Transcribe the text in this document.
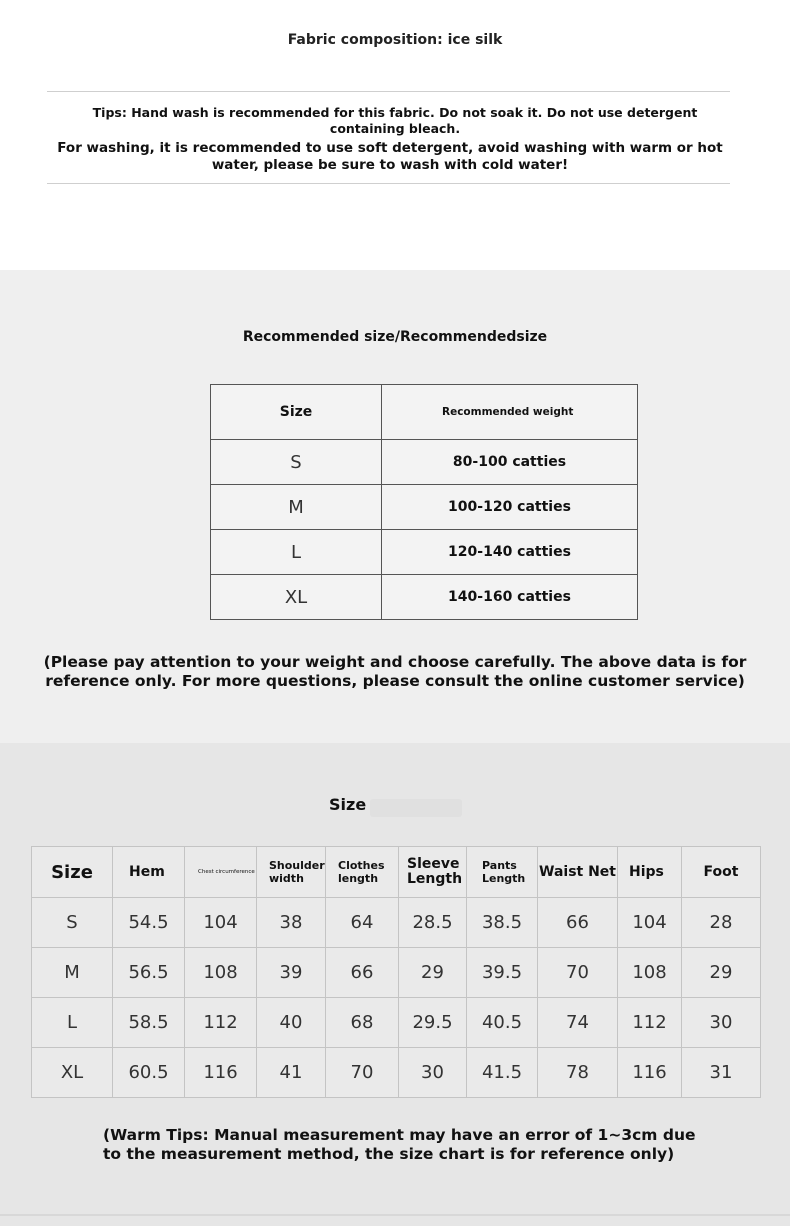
Fabric composition: ice silk
Tips: Hand wash is recommended for this fabric. Do not soak it. Do not use detergent containing bleach.
For washing, it is recommended to use soft detergent, avoid washing with warm or hot water, please be sure to wash with cold water!
Recommended size/Recommendedsize
Size	Recommended weight
S	80-100 catties
M	100-120 catties
L	120-140 catties
XL	140-160 catties
(Please pay attention to your weight and choose carefully. The above data is for reference only. For more questions, please consult the online customer service)
Size
Size	Hem	Chest circumference	Shoulder width	Clothes length	Sleeve Length	Pants Length	Waist Net	Hips	Foot
S	54.5	104	38	64	28.5	38.5	66	104	28
M	56.5	108	39	66	29	39.5	70	108	29
L	58.5	112	40	68	29.5	40.5	74	112	30
XL	60.5	116	41	70	30	41.5	78	116	31
(Warm Tips: Manual measurement may have an error of 1~3cm due to the measurement method, the size chart is for reference only)
